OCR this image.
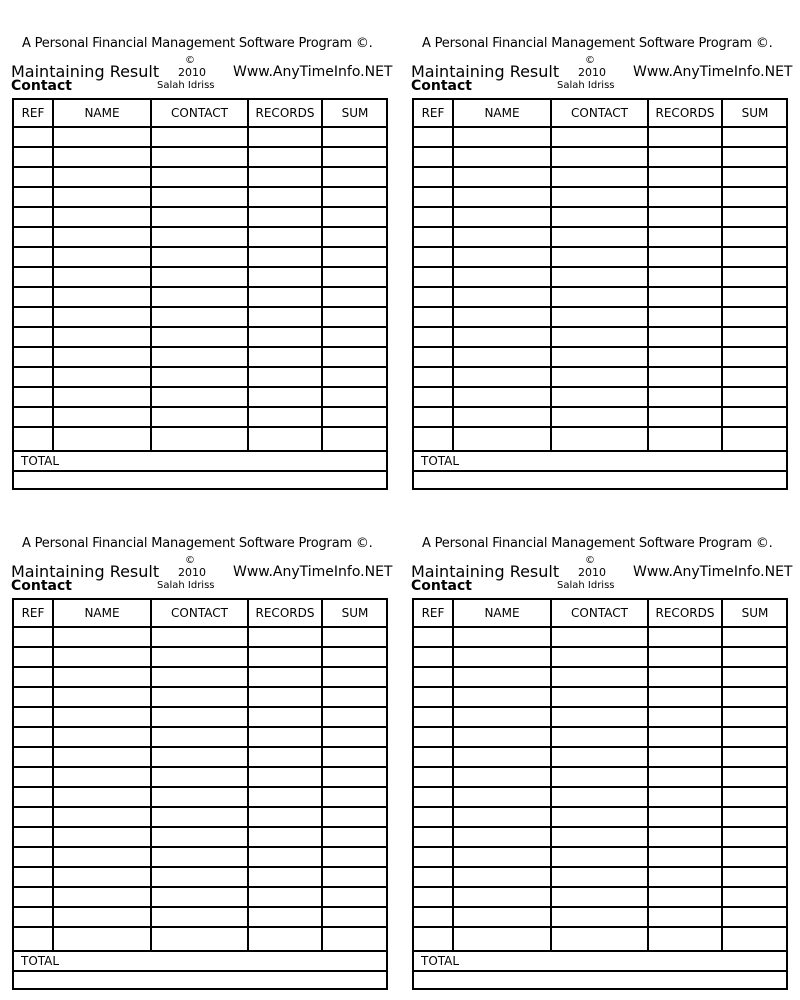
A Personal Financial Management Software Program ©.
Maintaining Result
Contact
©
2010
Salah Idriss
Www.AnyTimeInfo.NET
REF	NAME	CONTACT	RECORDS	SUM
TOTAL
A Personal Financial Management Software Program ©.
Maintaining Result
Contact
©
2010
Salah Idriss
Www.AnyTimeInfo.NET
REF	NAME	CONTACT	RECORDS	SUM
TOTAL
A Personal Financial Management Software Program ©.
Maintaining Result
Contact
©
2010
Salah Idriss
Www.AnyTimeInfo.NET
REF	NAME	CONTACT	RECORDS	SUM
TOTAL
A Personal Financial Management Software Program ©.
Maintaining Result
Contact
©
2010
Salah Idriss
Www.AnyTimeInfo.NET
REF	NAME	CONTACT	RECORDS	SUM
TOTAL
